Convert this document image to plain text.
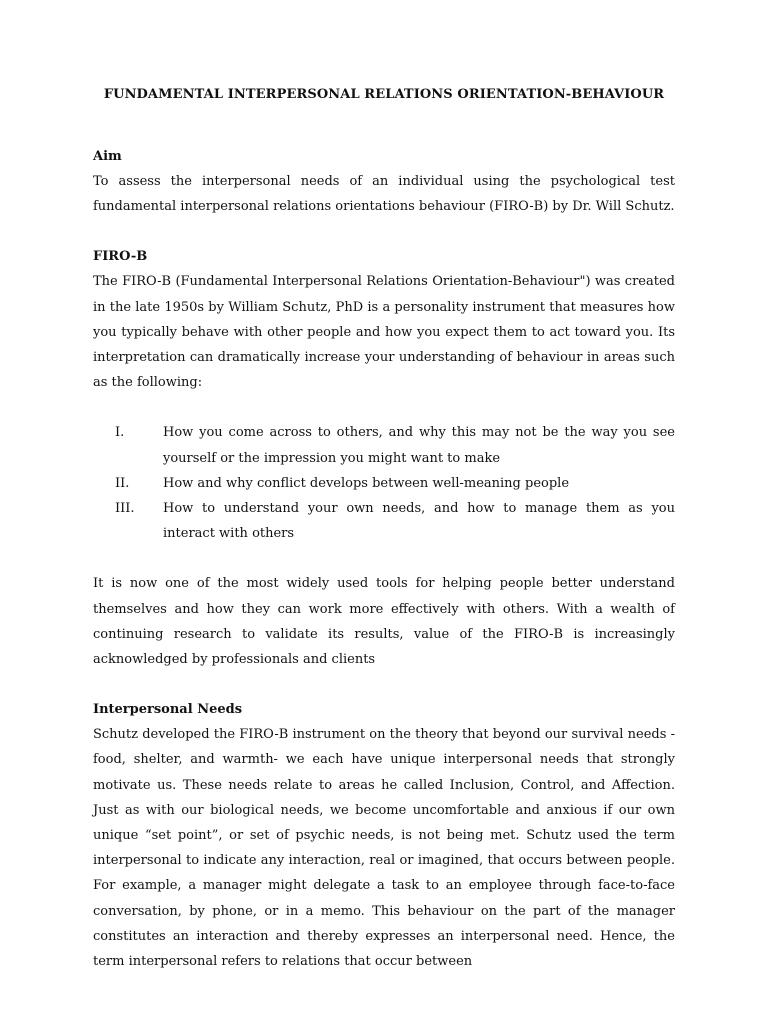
FUNDAMENTAL INTERPERSONAL RELATIONS ORIENTATION-BEHAVIOUR

Aim

To assess the interpersonal needs of an individual using the psychological test fundamental interpersonal relations orientations behaviour (FIRO-B) by Dr. Will Schutz.

FIRO-B

The FIRO-B (Fundamental Interpersonal Relations Orientation-Behaviour") was created in the late 1950s by William Schutz, PhD is a personality instrument that measures how you typically behave with other people and how you expect them to act toward you. Its interpretation can dramatically increase your understanding of behaviour in areas such as the following:

I.	How you come across to others, and why this may not be the way you see yourself or the impression you might want to make
II.	How and why conflict develops between well-meaning people
III.	How to understand your own needs, and how to manage them as you interact with others

It is now one of the most widely used tools for helping people better understand themselves and how they can work more effectively with others. With a wealth of continuing research to validate its results, value of the FIRO-B is increasingly acknowledged by professionals and clients

Interpersonal Needs

Schutz developed the FIRO-B instrument on the theory that beyond our survival needs - food, shelter, and warmth- we each have unique interpersonal needs that strongly motivate us. These needs relate to areas he called Inclusion, Control, and Affection. Just as with our biological needs, we become uncomfortable and anxious if our own unique “set point”, or set of psychic needs, is not being met. Schutz used the term interpersonal to indicate any interaction, real or imagined, that occurs between people. For example, a manager might delegate a task to an employee through face-to-face conversation, by phone, or in a memo. This behaviour on the part of the manager constitutes an interaction and thereby expresses an interpersonal need. Hence, the term interpersonal refers to relations that occur between
